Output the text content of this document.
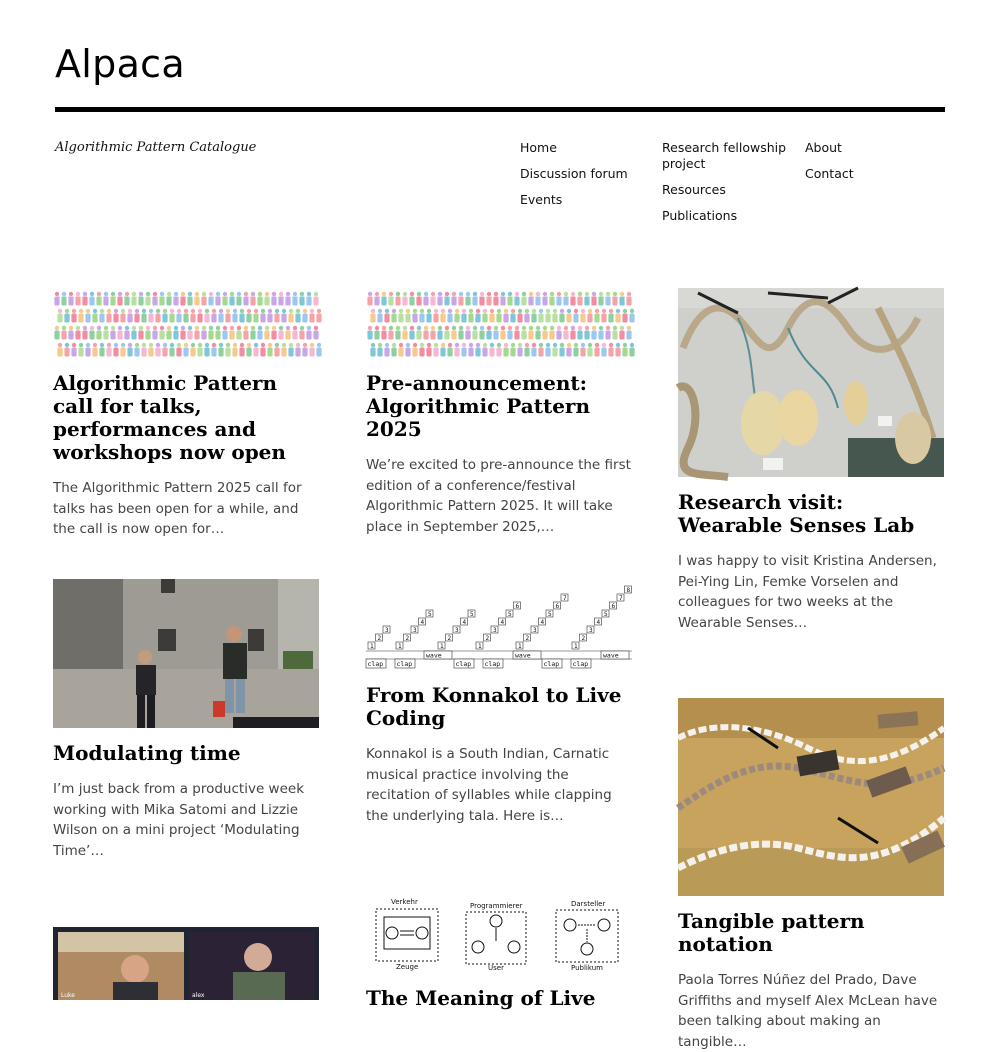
Alpaca
Algorithmic Pattern Catalogue	Home
Discussion forum
Events
Research fellowship project
Resources
Publications
About
Contact
Algorithmic Pattern call for talks, performances and workshops now open

The Algorithmic Pattern 2025 call for talks has been open for a while, and the call is now open for…

Pre-announcement: Algorithmic Pattern 2025

We’re excited to pre-announce the first edition of a conference/festival Algorithmic Pattern 2025. It will take place in September 2025,…

Research visit: Wearable Senses Lab

I was happy to visit Kristina Andersen, Pei-Ying Lin, Femke Vorselen and colleagues for two weeks at the Wearable Senses…

Modulating time

I’m just back from a productive week working with Mika Satomi and Lizzie Wilson on a mini project ‘Modulating Time’…

1
2
3
1
2
3
4
5
1
2
3
4
5
1
2
3
4
5
6
1
2
3
4
5
6
7
1
2
3
4
5
6
7
8
clap clap	clap clap	clap clap
wave	wave	wave
From Konnakol to Live Coding

Konnakol is a South Indian, Carnatic musical practice involving the recitation of syllables while clapping the underlying tala. Here is…

Tangible pattern notation

Paola Torres Núñez del Prado, Dave Griffiths and myself Alex McLean have been talking about making an tangible…

Luke	alex
Verkehr	Programmierer	Darsteller
Zeuge	User	Publikum
The Meaning of Live
